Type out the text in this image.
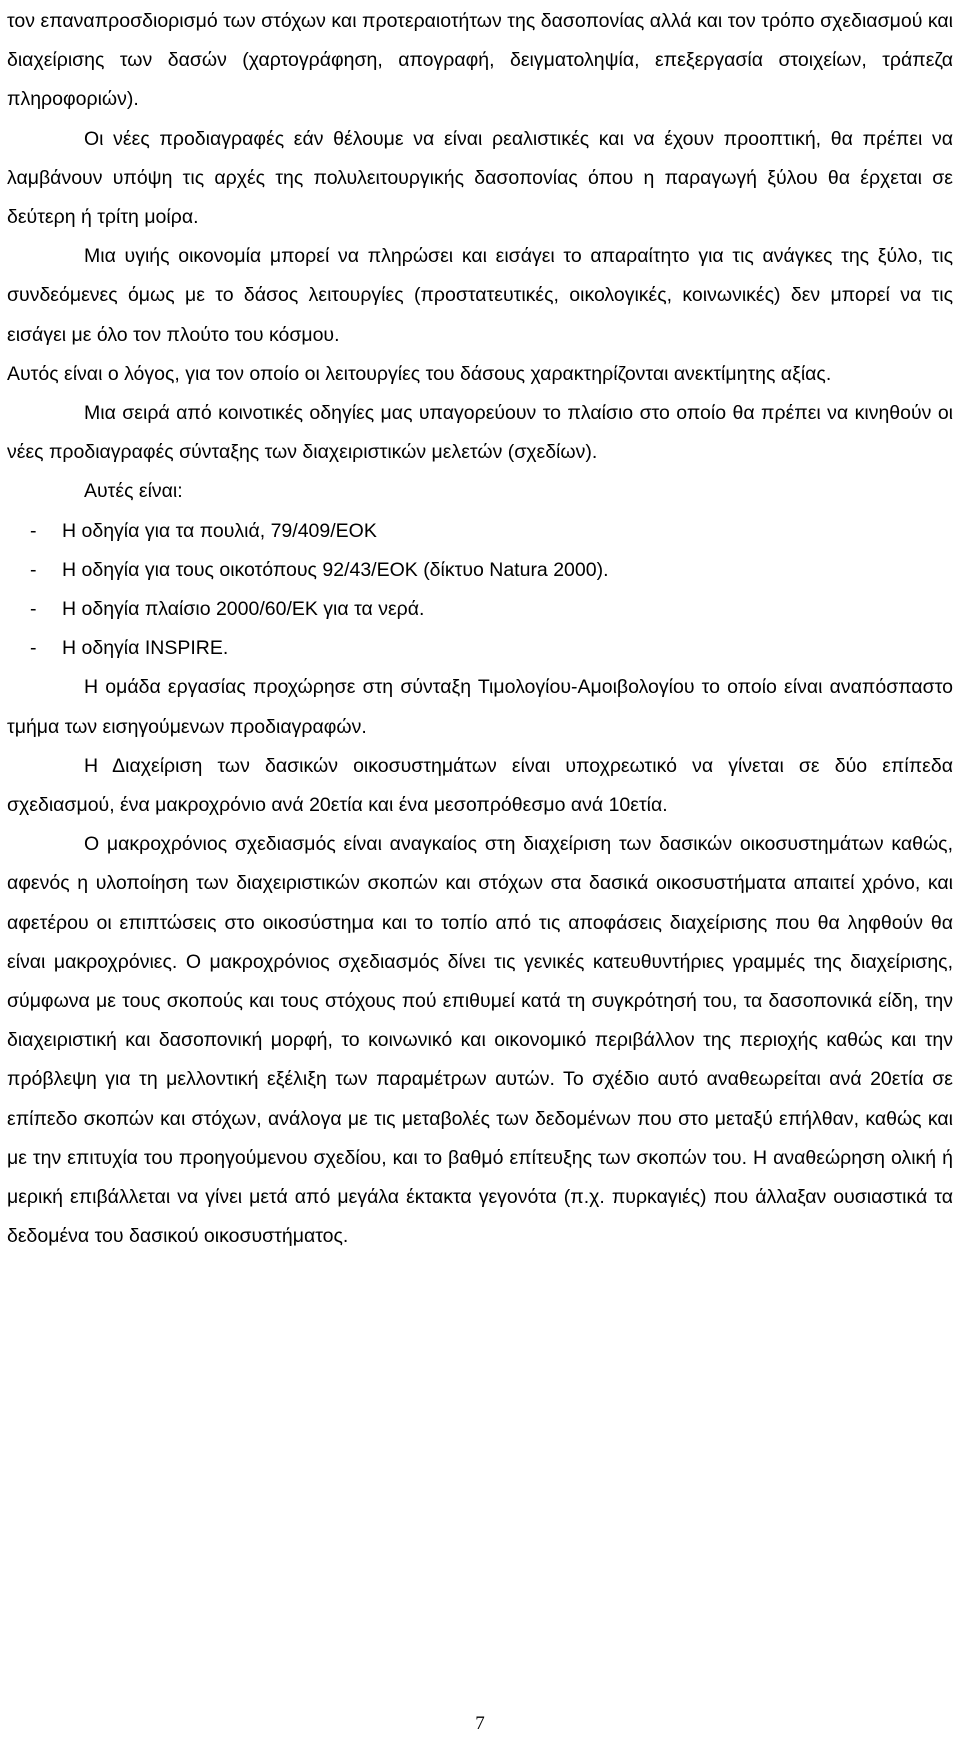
τον επαναπροσδιορισμό των στόχων και προτεραιοτήτων της δασοπονίας αλλά και τον τρόπο σχεδιασμού και διαχείρισης των δασών (χαρτογράφηση, απογραφή, δειγματοληψία, επεξεργασία στοιχείων, τράπεζα πληροφοριών).

Οι νέες προδιαγραφές εάν θέλουμε να είναι ρεαλιστικές και να έχουν προοπτική, θα πρέπει να λαμβάνουν υπόψη τις αρχές της πολυλειτουργικής δασοπονίας όπου η παραγωγή ξύλου θα έρχεται σε δεύτερη ή τρίτη μοίρα.

Μια υγιής οικονομία μπορεί να πληρώσει και εισάγει το απαραίτητο για τις ανάγκες της ξύλο, τις συνδεόμενες όμως με το δάσος λειτουργίες (προστατευτικές, οικολογικές, κοινωνικές) δεν μπορεί να τις εισάγει με όλο τον πλούτο του κόσμου.

Αυτός είναι ο λόγος, για τον οποίο οι λειτουργίες του δάσους χαρακτηρίζονται ανεκτίμητης αξίας.

Μια σειρά από κοινοτικές οδηγίες μας υπαγορεύουν το πλαίσιο στο οποίο θα πρέπει να κινηθούν οι νέες προδιαγραφές σύνταξης των διαχειριστικών μελετών (σχεδίων).

Αυτές είναι:

-	Η οδηγία για τα πουλιά, 79/409/ΕΟΚ
-	Η οδηγία για τους οικοτόπους 92/43/ΕΟΚ (δίκτυο Natura 2000).
-	Η οδηγία πλαίσιο 2000/60/ΕΚ για τα νερά.
-	Η οδηγία INSPIRE.

Η ομάδα εργασίας προχώρησε στη σύνταξη Τιμολογίου-Αμοιβολογίου το οποίο είναι αναπόσπαστο τμήμα των εισηγούμενων προδιαγραφών.

Η Διαχείριση των δασικών οικοσυστημάτων είναι υποχρεωτικό να γίνεται σε δύο επίπεδα σχεδιασμού, ένα μακροχρόνιο ανά 20ετία και ένα μεσοπρόθεσμο ανά 10ετία.

Ο μακροχρόνιος σχεδιασμός είναι αναγκαίος στη διαχείριση των δασικών οικοσυστημάτων καθώς, αφενός η υλοποίηση των διαχειριστικών σκοπών και στόχων στα δασικά οικοσυστήματα απαιτεί χρόνο, και αφετέρου οι επιπτώσεις στο οικοσύστημα και το τοπίο από τις αποφάσεις διαχείρισης που θα ληφθούν θα είναι μακροχρόνιες. Ο μακροχρόνιος σχεδιασμός δίνει τις γενικές κατευθυντήριες γραμμές της διαχείρισης, σύμφωνα με τους σκοπούς και τους στόχους πού επιθυμεί κατά τη συγκρότησή του, τα δασοπονικά είδη, την διαχειριστική και δασοπονική μορφή, το κοινωνικό και οικονομικό περιβάλλον της περιοχής καθώς και την πρόβλεψη για τη μελλοντική εξέλιξη των παραμέτρων αυτών. Το σχέδιο αυτό αναθεωρείται ανά 20ετία σε επίπεδο σκοπών και στόχων, ανάλογα με τις μεταβολές των δεδομένων που στο μεταξύ επήλθαν, καθώς και με την επιτυχία του προηγούμενου σχεδίου, και το βαθμό επίτευξης των σκοπών του. Η αναθεώρηση ολική ή μερική επιβάλλεται να γίνει μετά από μεγάλα έκτακτα γεγονότα (π.χ. πυρκαγιές) που άλλαξαν ουσιαστικά τα δεδομένα του δασικού οικοσυστήματος.

7
